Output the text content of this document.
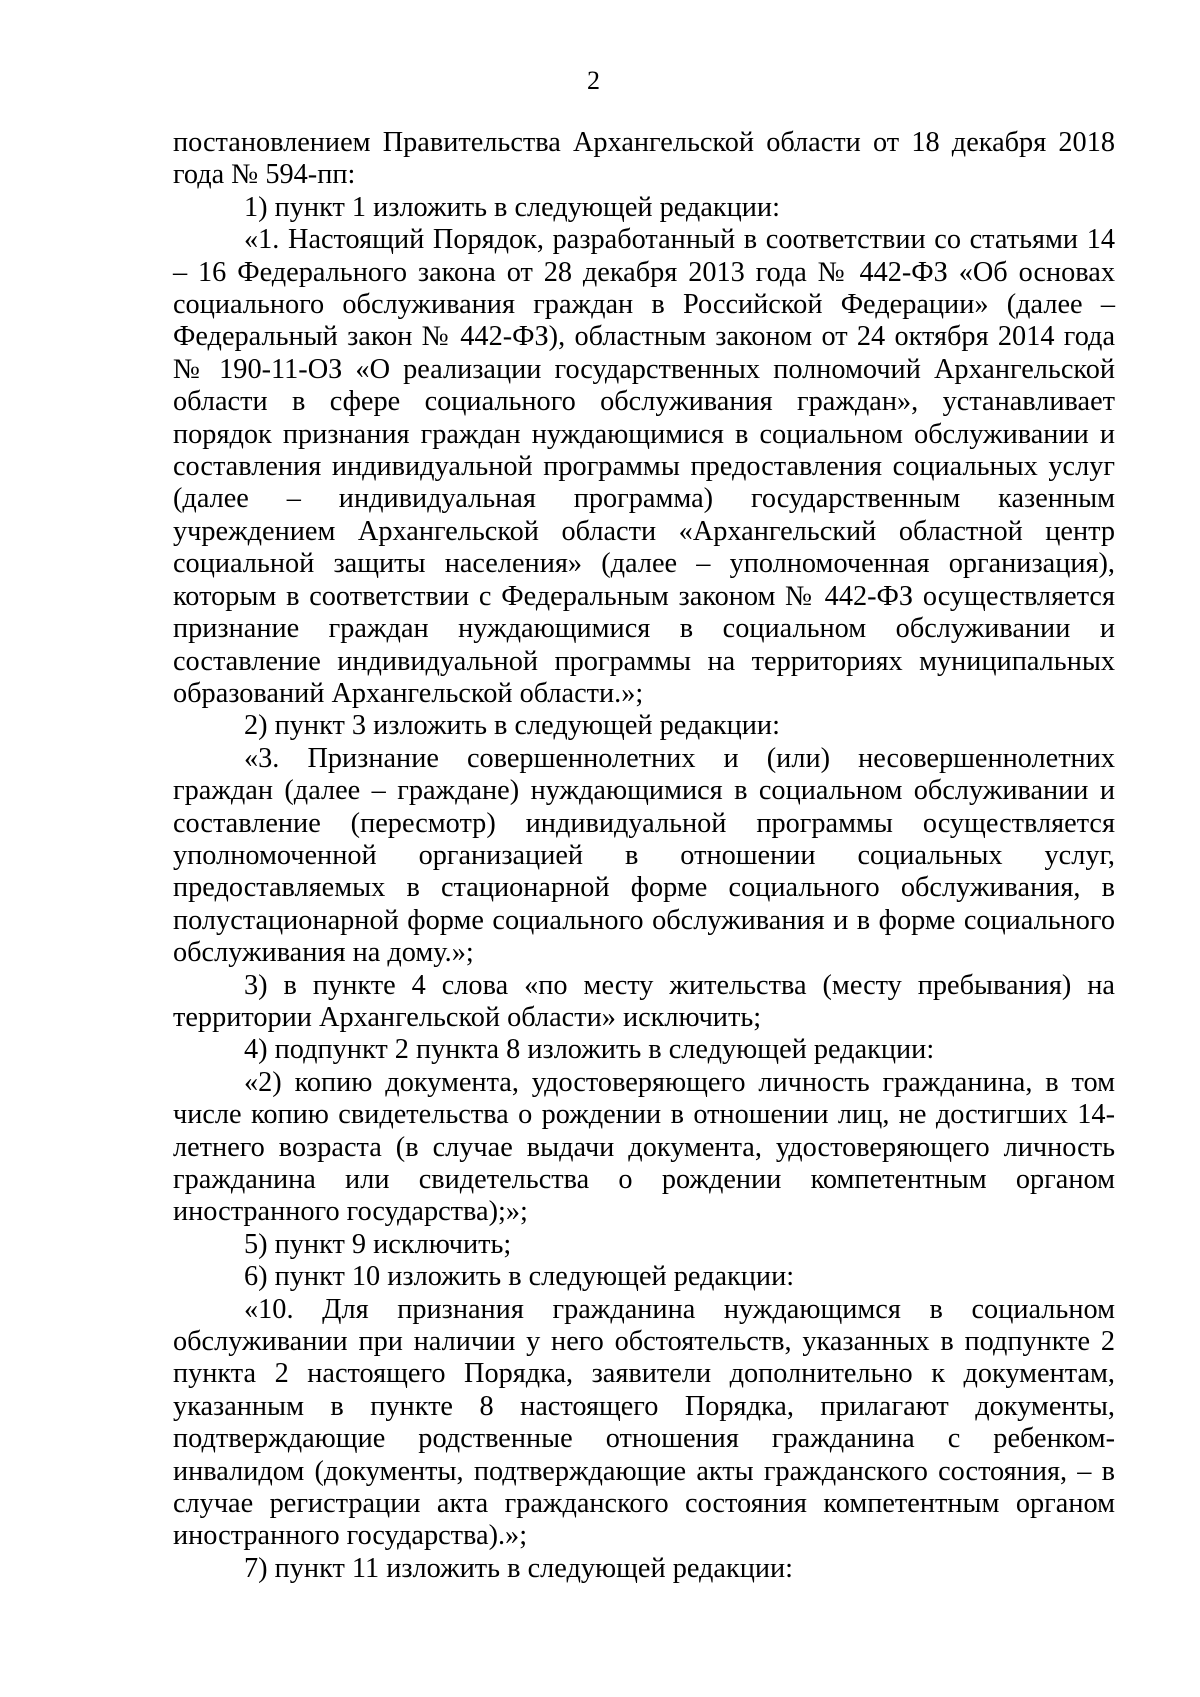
2

постановлением Правительства Архангельской области от 18 декабря 2018 года № 594-пп:

1) пункт 1 изложить в следующей редакции:

«1. Настоящий Порядок, разработанный в соответствии со статьями 14 – 16 Федерального закона от 28 декабря 2013 года № 442-ФЗ «Об основах социального обслуживания граждан в Российской Федерации» (далее – Федеральный закон № 442-ФЗ), областным законом от 24 октября 2014 года № 190-11-ОЗ «О реализации государственных полномочий Архангельской области в сфере социального обслуживания граждан», устанавливает порядок признания граждан нуждающимися в социальном обслуживании и составления индивидуальной программы предоставления социальных услуг (далее – индивидуальная программа) государственным казенным учреждением Архангельской области «Архангельский областной центр социальной защиты населения» (далее – уполномоченная организация), которым в соответствии с Федеральным законом № 442-ФЗ осуществляется признание граждан нуждающимися в социальном обслуживании и составление индивидуальной программы на территориях муниципальных образований Архангельской области.»;

2) пункт 3 изложить в следующей редакции:

«3. Признание совершеннолетних и (или) несовершеннолетних граждан (далее – граждане) нуждающимися в социальном обслуживании и составление (пересмотр) индивидуальной программы осуществляется уполномоченной организацией в отношении социальных услуг, предоставляемых в стационарной форме социального обслуживания, в полустационарной форме социального обслуживания и в форме социального обслуживания на дому.»;

3) в пункте 4 слова «по месту жительства (месту пребывания) на территории Архангельской области» исключить;

4) подпункт 2 пункта 8 изложить в следующей редакции:

«2) копию документа, удостоверяющего личность гражданина, в том числе копию свидетельства о рождении в отношении лиц, не достигших 14-летнего возраста (в случае выдачи документа, удостоверяющего личность гражданина или свидетельства о рождении компетентным органом иностранного государства);»;

5) пункт 9 исключить;

6) пункт 10 изложить в следующей редакции:

«10. Для признания гражданина нуждающимся в социальном обслуживании при наличии у него обстоятельств, указанных в подпункте 2 пункта 2 настоящего Порядка, заявители дополнительно к документам, указанным в пункте 8 настоящего Порядка, прилагают документы, подтверждающие родственные отношения гражданина с ребенком-инвалидом (документы, подтверждающие акты гражданского состояния, – в случае регистрации акта гражданского состояния компетентным органом иностранного государства).»;

7) пункт 11 изложить в следующей редакции:
